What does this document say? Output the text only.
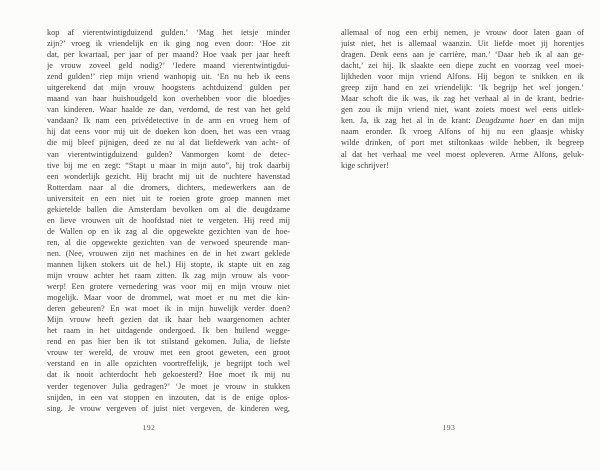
kop af vierentwintigduizend gulden.’ ‘Mag het ietsje minder
zijn?’ vroeg ik vriendelijk en ik ging nog even door: ‘Hoe zit
dat, per kwartaal, per jaar of per maand? Hoe vaak per jaar heeft
je vrouw zoveel geld nodig?’ ‘Iedere maand vierentwintigdui-
zend gulden!’ riep mijn vriend wanhopig uit. ‘En nu heb ik eens
uitgerekend dat mijn vrouw hoogstens achtduizend gulden per
maand van haar huishoudgeld kon overhebben voor die bloedjes
van kinderen. Waar haalde ze dan, verdomd, de rest van het geld
vandaan? Ik nam een privédetective in de arm en vroeg hem of
hij dat eens voor mij uit de doeken kon doen, het was een vraag
die mij bleef pijnigen, deed ze nu al dat liefdewerk van acht- of
van vierentwintigduizend gulden? Vanmorgen komt de detec-
tive bij me en zegt: “Stapt u maar in mijn auto”, hij trok daarbij
een wonderlijk gezicht. Hij bracht mij uit de nuchtere havenstad
Rotterdam naar al die dromers, dichters, medewerkers aan de
universiteit en een niet uit te roeien grote groep mannen met
gekietelde ballen die Amsterdam bevolken om al die deugdzame
en lieve vrouwen uit de hoofdstad niet te vergeten. Hij reed mij
de Wallen op en ik zag al die opgewekte gezichten van de hoe-
ren, al die opgewekte gezichten van de verwoed speurende man-
nen. (Nee, vrouwen zijn net machines en de in het zwart geklede
mannen lijken stokers uit de hel.) Hij stopte, ik stapte uit en zag
mijn vrouw achter het raam zitten. Ik zag mijn vrouw als voor-
werp! Een grotere vernedering was voor mij en mijn vrouw niet
mogelijk. Maar voor de drommel, wat moet er nu met die kin-
deren gebeuren? En wat moet ik in mijn huwelijk verder doen?
Mijn vrouw heeft gezien dat ik haar heb waargenomen achter
het raam in het uitdagende ondergoed. Ik ben huilend wegge-
rend en pas hier ben ik tot stilstand gekomen. Julia, de liefste
vrouw ter wereld, de vrouw met een groot geweten, een groot
verstand en in alle opzichten voortreffelijk, je begrijpt toch wel
dat ik nooit achterdocht heb gekoesterd? Hoe moet ik mij nu
verder tegenover Julia gedragen?’ ‘Je moet je vrouw in stukken
snijden, in een vat stoppen en inzouten, dat is de enige oplos-
sing. Je vrouw vergeven of juist niet vergeven, de kinderen weg,
allemaal of nog een erbij nemen, je vrouw door laten gaan of
juist niet, het is allemaal waanzin. Uit liefde moet jij horentjes
dragen. Denk eens aan je carrière, man.’ ‘Daar heb ik al aan ge-
dacht,’ zei hij. Ik slaakte een diepe zucht en voorzag veel moei-
lijkheden voor mijn vriend Alfons. Hij begon te snikken en ik
greep zijn hand en zei vriendelijk: ‘Ik begrijp het wel jongen.’
Maar schoft die ik was, ik zag het verhaal al in de krant, bedrie-
gen zou ik mijn vriend niet, want zoiets moest wel eens uitlek-
ken. Ja, ik zag het al in de krant: Deugdzame hoer en dan mijn
naam eronder. Ik vroeg Alfons of hij nu een glaasje whisky
wilde drinken, of port met stiltonkaas wilde hebben, ik begreep
al dat het verhaal me veel moest opleveren. Arme Alfons, geluk-
kige schrijver!
192	193
